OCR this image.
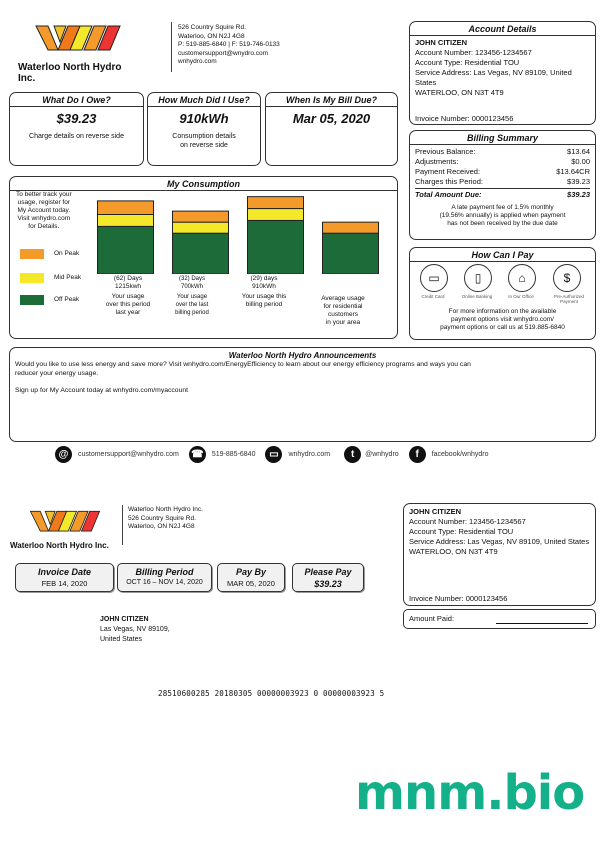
Waterloo North Hydro Inc.
526 Country Squire Rd.
Waterloo, ON N2J 4G8
P: 519-885-6840 | F: 519-746-0133
customersupport@wnydro.com
wnhydro.com
Account Details
JOHN CITIZEN
Account Number: 123456-1234567
Account Type: Residential TOU
Service Address: Las Vegas, NV 89109, United States
WATERLOO, ON N3T 4T9
Invoice Number: 0000123456
What Do I Owe?
$39.23
Charge details on reverse side
How Much Did I Use?
910kWh
Consumption details
on reverse side
When Is My Bill Due?
Mar 05, 2020
Billing Summary
Previous Balance:	$13.64
Adjustments:	$0.00
Payment Received:	$13.64CR
Charges this Period:	$39.23
Total Amount Due:	$39.23
A late payment fee of 1.5% monthly
(19.56% annually) is applied when payment
has not been received by the due date
My Consumption
To better track your
usage, register for
My Account today.
Visit wnhydro.com
for Details.
On Peak
Mid Peak
Off Peak
(62) Days
1215kwh
Your usage
over this period
last year
(32) Days
700kWh
Your usage
over the last
billing period
(29) days
910kWh
Your usage this
billing period
Average usage
for residential
customers
in your area
How Can I Pay
▭	▯	⌂	$
Credit Card	Online Banking	In Our Office	Pre-Authorized Payment
For more information on the available
payment options visit wnhydro.com/
payment options or call us at 519.885-6840
Waterloo North Hydro Announcements
Would you like to use less energy and save more? Visit wnhydro.com/EnergyEfficiency to learn about our energy efficiency programs and ways you can
reducer your energy usage.
Sign up for My Account today at wnhydro.com/myaccount
@	customersupport@wnhydro.com ☎	519-885-6840	▭	wnhydro.com	t	@wnhydro	f	facebook/wnhydro
Waterloo North Hydro Inc.
Waterloo North Hydro Inc.
526 Country Squire Rd.
Waterloo, ON N2J 4G8
JOHN CITIZEN
Account Number: 123456-1234567
Account Type: Residential TOU
Service Address: Las Vegas, NV 89109, United States
WATERLOO, ON N3T 4T9
Invoice Number: 0000123456
Amount Paid:
Invoice Date
FEB 14, 2020
Billing Period
OCT 16 – NOV 14, 2020
Pay By
MAR 05, 2020
Please Pay
$39.23
JOHN CITIZEN
Las Vegas, NV 89109,
United States
28510600285 20180305 00000003923 0 00000003923 5
mnm.bio
